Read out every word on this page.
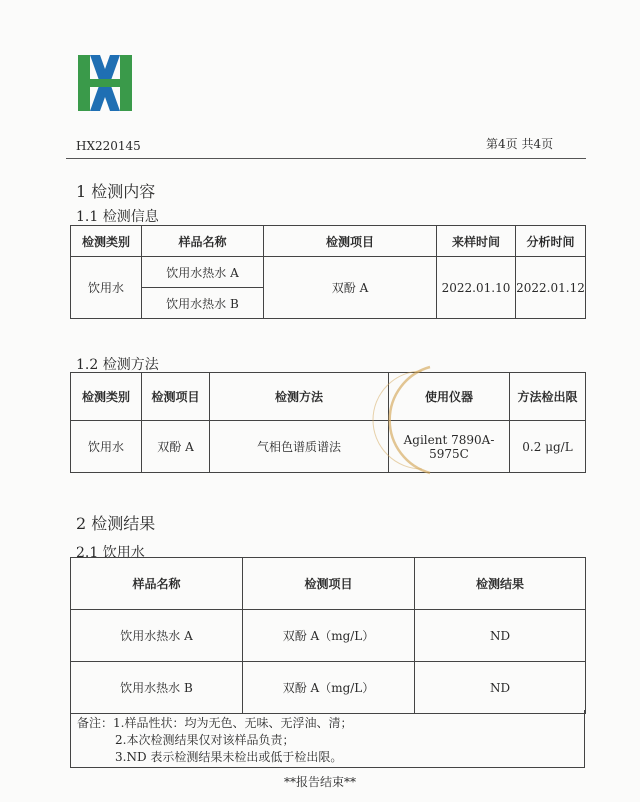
HX220145	第4页 共4页
1 检测内容
1.1 检测信息
检测类别	样品名称	检测项目	来样时间	分析时间
饮用水	饮用水热水 A	双酚 A	2022.01.10	2022.01.12
	饮用水热水 B			
1.2 检测方法
检测类别	检测项目	检测方法	使用仪器	方法检出限
饮用水	双酚 A	气相色谱质谱法	Agilent 7890A-5975C	0.2 μg/L
2 检测结果
2.1 饮用水
样品名称	检测项目	检测结果
饮用水热水 A	双酚 A（mg/L）	ND
饮用水热水 B	双酚 A（mg/L）	ND
备注：1.样品性状：均为无色、无味、无浮油、清；
2.本次检测结果仅对该样品负责；
3.ND 表示检测结果未检出或低于检出限。
**报告结束**
